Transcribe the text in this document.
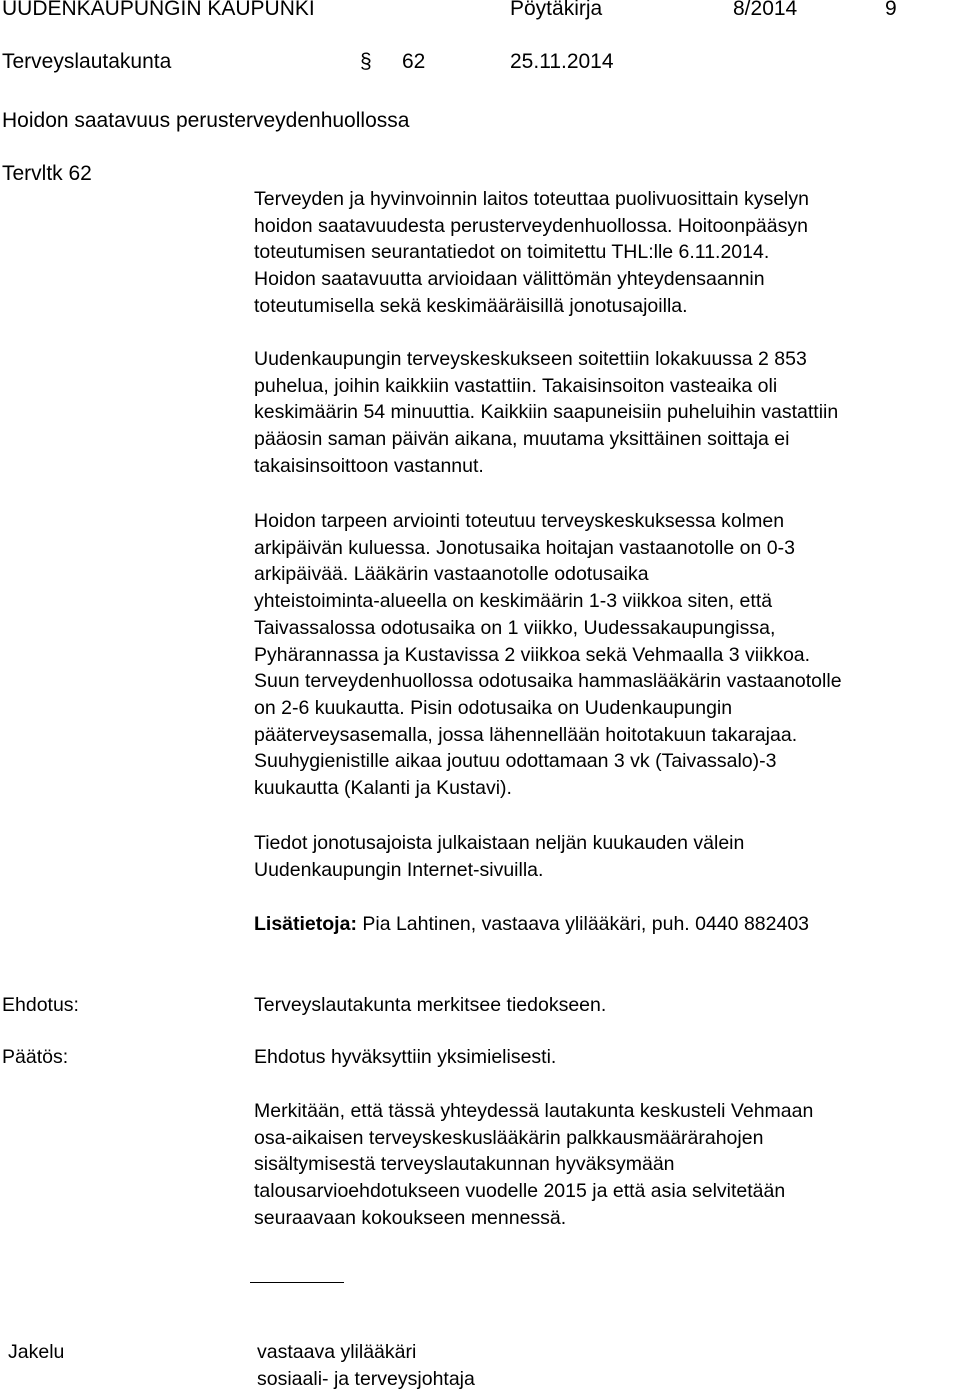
UUDENKAUPUNGIN KAUPUNKI	Pöytäkirja	8/2014	9
Terveyslautakunta	§ 62	25.11.2014
Hoidon saatavuus perusterveydenhuollossa
Tervltk 62

Terveyden ja hyvinvoinnin laitos toteuttaa puolivuosittain kyselyn
hoidon saatavuudesta perusterveydenhuollossa. Hoitoonpääsyn
toteutumisen seurantatiedot on toimitettu THL:lle 6.11.2014.
Hoidon saatavuutta arvioidaan välittömän yhteydensaannin
toteutumisella sekä keskimääräisillä jonotusajoilla.

Uudenkaupungin terveyskeskukseen soitettiin lokakuussa 2 853
puhelua, joihin kaikkiin vastattiin. Takaisinsoiton vasteaika oli
keskimäärin 54 minuuttia. Kaikkiin saapuneisiin puheluihin vastattiin
pääosin saman päivän aikana, muutama yksittäinen soittaja ei
takaisinsoittoon vastannut.

Hoidon tarpeen arviointi toteutuu terveyskeskuksessa kolmen
arkipäivän kuluessa. Jonotusaika hoitajan vastaanotolle on 0-3
arkipäivää. Lääkärin vastaanotolle odotusaika
yhteistoiminta-alueella on keskimäärin 1-3 viikkoa siten, että
Taivassalossa odotusaika on 1 viikko, Uudessakaupungissa,
Pyhärannassa ja Kustavissa 2 viikkoa sekä Vehmaalla 3 viikkoa.
Suun terveydenhuollossa odotusaika hammaslääkärin vastaanotolle
on 2-6 kuukautta. Pisin odotusaika on Uudenkaupungin
pääterveysasemalla, jossa lähennellään hoitotakuun takarajaa.
Suuhygienistille aikaa joutuu odottamaan 3 vk (Taivassalo)-3
kuukautta (Kalanti ja Kustavi).

Tiedot jonotusajoista julkaistaan neljän kuukauden välein
Uudenkaupungin Internet-sivuilla.

Lisätietoja: Pia Lahtinen, vastaava ylilääkäri, puh. 0440 882403

Ehdotus:	Terveyslautakunta merkitsee tiedokseen.
Päätös:	Ehdotus hyväksyttiin yksimielisesti.

Merkitään, että tässä yhteydessä lautakunta keskusteli Vehmaan
osa-aikaisen terveyskeskuslääkärin palkkausmäärärahojen
sisältymisestä terveyslautakunnan hyväksymään
talousarvioehdotukseen vuodelle 2015 ja että asia selvitetään
seuraavaan kokoukseen mennessä.

Jakelu	vastaava ylilääkäri
sosiaali- ja terveysjohtaja
